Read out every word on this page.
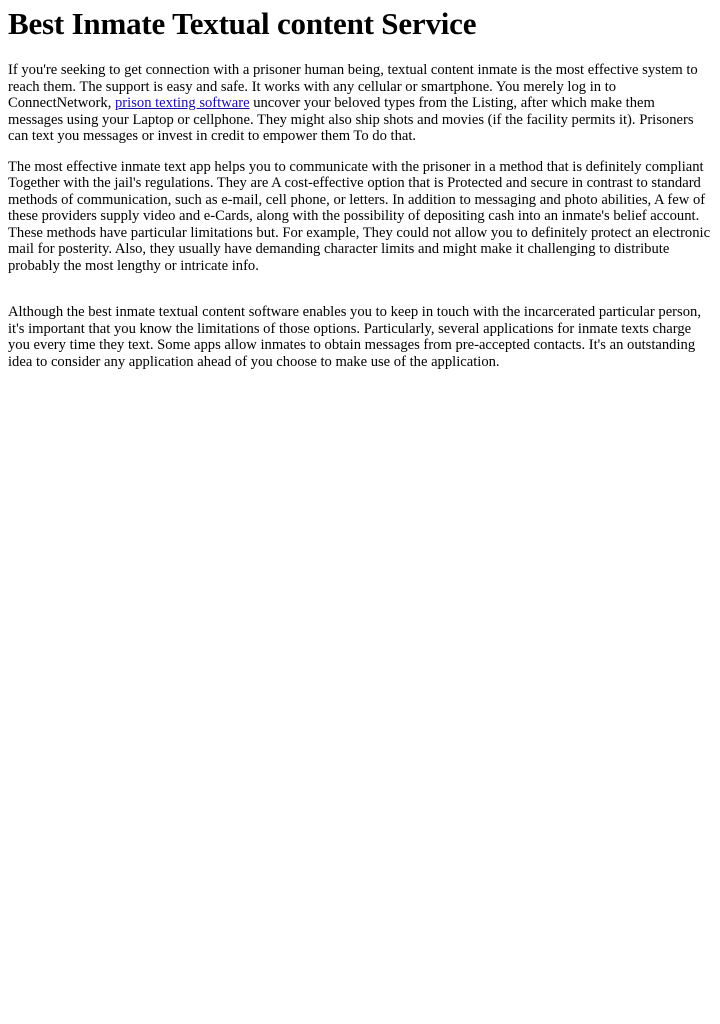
Best Inmate Textual content Service

If you're seeking to get connection with a prisoner human being, textual content inmate is the most effective system to reach them. The support is easy and safe. It works with any cellular or smartphone. You merely log in to ConnectNetwork, prison texting software uncover your beloved types from the Listing, after which make them messages using your Laptop or cellphone. They might also ship shots and movies (if the facility permits it). Prisoners can text you messages or invest in credit to empower them To do that.

The most effective inmate text app helps you to communicate with the prisoner in a method that is definitely compliant Together with the jail's regulations. They are A cost-effective option that is Protected and secure in contrast to standard methods of communication, such as e-mail, cell phone, or letters. In addition to messaging and photo abilities, A few of these providers supply video and e-Cards, along with the possibility of depositing cash into an inmate's belief account. These methods have particular limitations but. For example, They could not allow you to definitely protect an electronic mail for posterity. Also, they usually have demanding character limits and might make it challenging to distribute probably the most lengthy or intricate info.

Although the best inmate textual content software enables you to keep in touch with the incarcerated particular person, it's important that you know the limitations of those options. Particularly, several applications for inmate texts charge you every time they text. Some apps allow inmates to obtain messages from pre-accepted contacts. It's an outstanding idea to consider any application ahead of you choose to make use of the application.
